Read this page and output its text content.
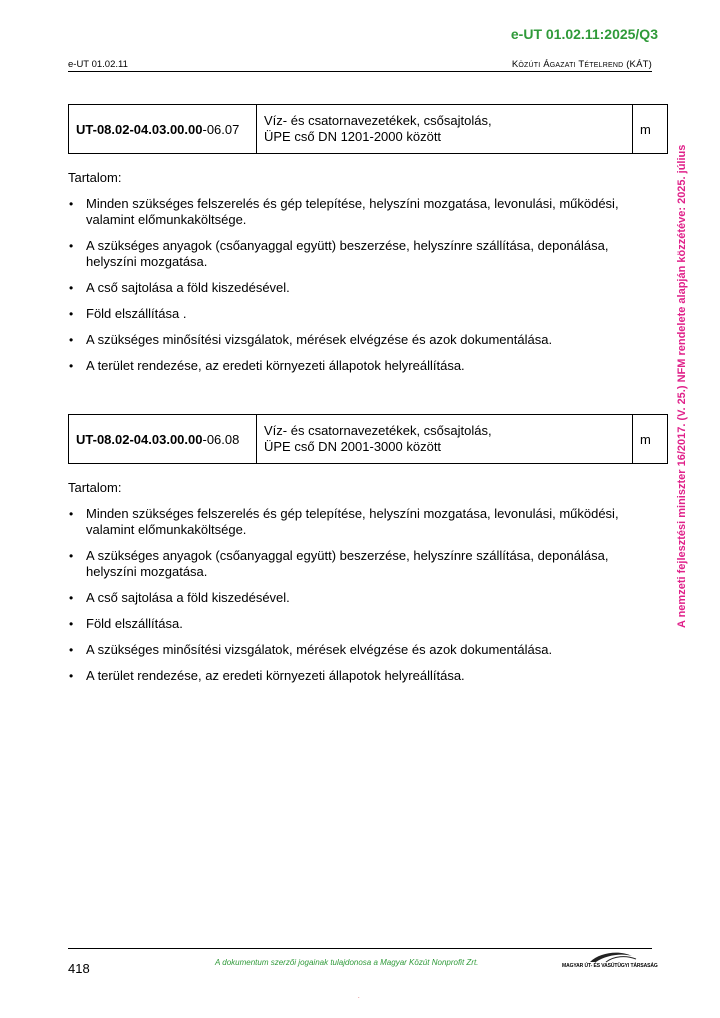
e-UT 01.02.11:2025/Q3
e-UT 01.02.11	Közúti Ágazati Tételrend (KÁT)
A nemzeti fejlesztési miniszter 16/2017. (V. 25.) NFM rendelete alapján közzétéve: 2025. július
UT-08.02-04.03.00.00-06.07	
Víz- és csatornavezetékek, csősajtolás,
ÜPE cső DN 1201-2000 között	m
Tartalom:
• Minden szükséges felszerelés és gép telepítése, helyszíni mozgatása, levonulási, működési, valamint előmunkaköltsége.
• A szükséges anyagok (csőanyaggal együtt) beszerzése, helyszínre szállítása, deponálása, helyszíni mozgatása.
• A cső sajtolása a föld kiszedésével.
• Föld elszállítása .
• A szükséges minősítési vizsgálatok, mérések elvégzése és azok dokumentálása.
• A terület rendezése, az eredeti környezeti állapotok helyreállítása.
UT-08.02-04.03.00.00-06.08	
Víz- és csatornavezetékek, csősajtolás,
ÜPE cső DN 2001-3000 között	m
Tartalom:
• Minden szükséges felszerelés és gép telepítése, helyszíni mozgatása, levonulási, működési, valamint előmunkaköltsége.
• A szükséges anyagok (csőanyaggal együtt) beszerzése, helyszínre szállítása, deponálása, helyszíni mozgatása.
• A cső sajtolása a föld kiszedésével.
• Föld elszállítása.
• A szükséges minősítési vizsgálatok, mérések elvégzése és azok dokumentálása.
• A terület rendezése, az eredeti környezeti állapotok helyreállítása.
418	A dokumentum szerzői jogainak tulajdonosa a Magyar Közút Nonprofit Zrt.	MAGYAR ÚT- ÉS VASÚTÜGYI TÁRSASÁG
.
